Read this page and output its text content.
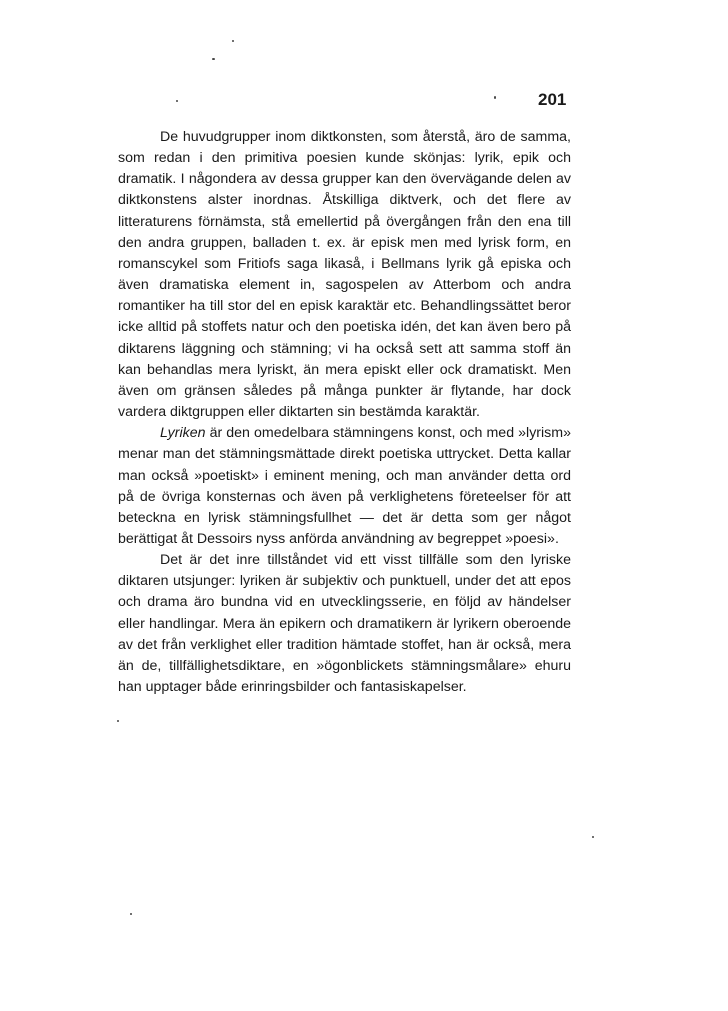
201

De huvudgrupper inom diktkonsten, som återstå, äro de samma, som redan i den primitiva poesien kunde skönjas: lyrik, epik och dramatik. I någondera av dessa grupper kan den övervägande delen av diktkonstens alster inordnas. Åtskilliga diktverk, och det flere av litteraturens förnämsta, stå emellertid på övergången från den ena till den andra gruppen, balladen t. ex. är episk men med lyrisk form, en romanscykel som Fritiofs saga likaså, i Bellmans lyrik gå episka och även dramatiska element in, sagospelen av Atterbom och andra romantiker ha till stor del en episk karaktär etc. Behandlingssättet beror icke alltid på stoffets natur och den poetiska idén, det kan även bero på diktarens läggning och stämning; vi ha också sett att samma stoff än kan behandlas mera lyriskt, än mera episkt eller ock dramatiskt. Men även om gränsen således på många punkter är flytande, har dock vardera diktgruppen eller diktarten sin bestämda karaktär.

Lyriken är den omedelbara stämningens konst, och med »lyrism» menar man det stämningsmättade direkt poetiska uttrycket. Detta kallar man också »poetiskt» i eminent mening, och man använder detta ord på de övriga konsternas och även på verklighetens företeelser för att beteckna en lyrisk stämningsfullhet — det är detta som ger något berättigat åt Dessoirs nyss anförda användning av begreppet »poesi».

Det är det inre tillståndet vid ett visst tillfälle som den lyriske diktaren utsjunger: lyriken är subjektiv och punktuell, under det att epos och drama äro bundna vid en utvecklingsserie, en följd av händelser eller handlingar. Mera än epikern och dramatikern är lyrikern oberoende av det från verklighet eller tradition hämtade stoffet, han är också, mera än de, tillfällighetsdiktare, en »ögonblickets stämningsmålare» ehuru han upptager både erinringsbilder och fantasiskapelser.
